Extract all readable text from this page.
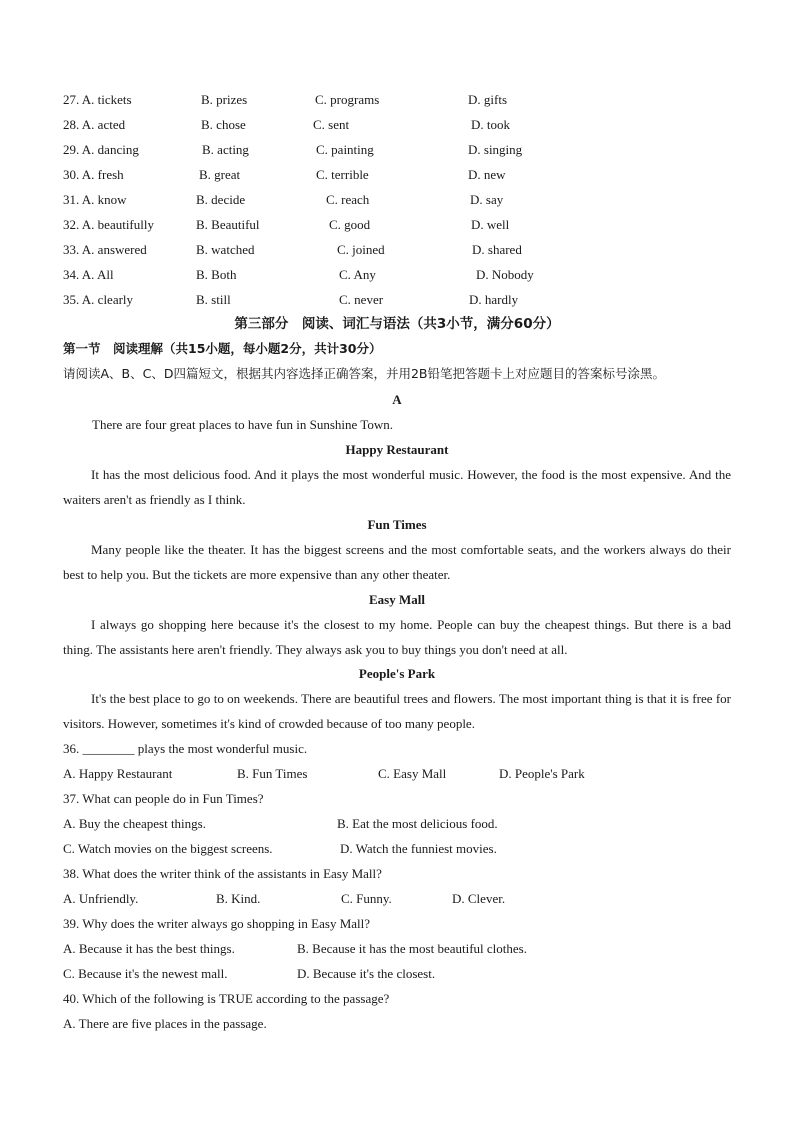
27. A. tickets	B. prizes	C. programs	D. gifts
28. A. acted	B. chose	C. sent	D. took
29. A. dancing	B. acting	C. painting	D. singing
30. A. fresh	B. great	C. terrible	D. new
31. A. know	B. decide	C. reach	D. say
32. A. beautifully	B. Beautiful	C. good	D. well
33. A. answered	B. watched	C. joined	D. shared
34. A. All	B. Both	C. Any	D. Nobody
35. A. clearly	B. still	C. never	D. hardly
第三部分　阅读、词汇与语法（共3小节，满分60分）
第一节　阅读理解（共15小题，每小题2分，共计30分）
请阅读A、B、C、D四篇短文，根据其内容选择正确答案，并用2B铅笔把答题卡上对应题目的答案标号涂黑。
A
There are four great places to have fun in Sunshine Town.
Happy Restaurant
It has the most delicious food. And it plays the most wonderful music. However, the food is the most expensive. And the waiters aren't as friendly as I think.
Fun Times
Many people like the theater. It has the biggest screens and the most comfortable seats, and the workers always do their best to help you. But the tickets are more expensive than any other theater.
Easy Mall
I always go shopping here because it's the closest to my home. People can buy the cheapest things. But there is a bad thing. The assistants here aren't friendly. They always ask you to buy things you don't need at all.
People's Park
It's the best place to go to on weekends. There are beautiful trees and flowers. The most important thing is that it is free for visitors. However, sometimes it's kind of crowded because of too many people.
36. ________ plays the most wonderful music.
A. Happy Restaurant	B. Fun Times	C. Easy Mall	D. People's Park
37. What can people do in Fun Times?
A. Buy the cheapest things.	B. Eat the most delicious food.
C. Watch movies on the biggest screens.	D. Watch the funniest movies.
38. What does the writer think of the assistants in Easy Mall?
A. Unfriendly.	B. Kind.	C. Funny.	D. Clever.
39. Why does the writer always go shopping in Easy Mall?
A. Because it has the best things.	B. Because it has the most beautiful clothes.
C. Because it's the newest mall.	D. Because it's the closest.
40. Which of the following is TRUE according to the passage?
A. There are five places in the passage.
